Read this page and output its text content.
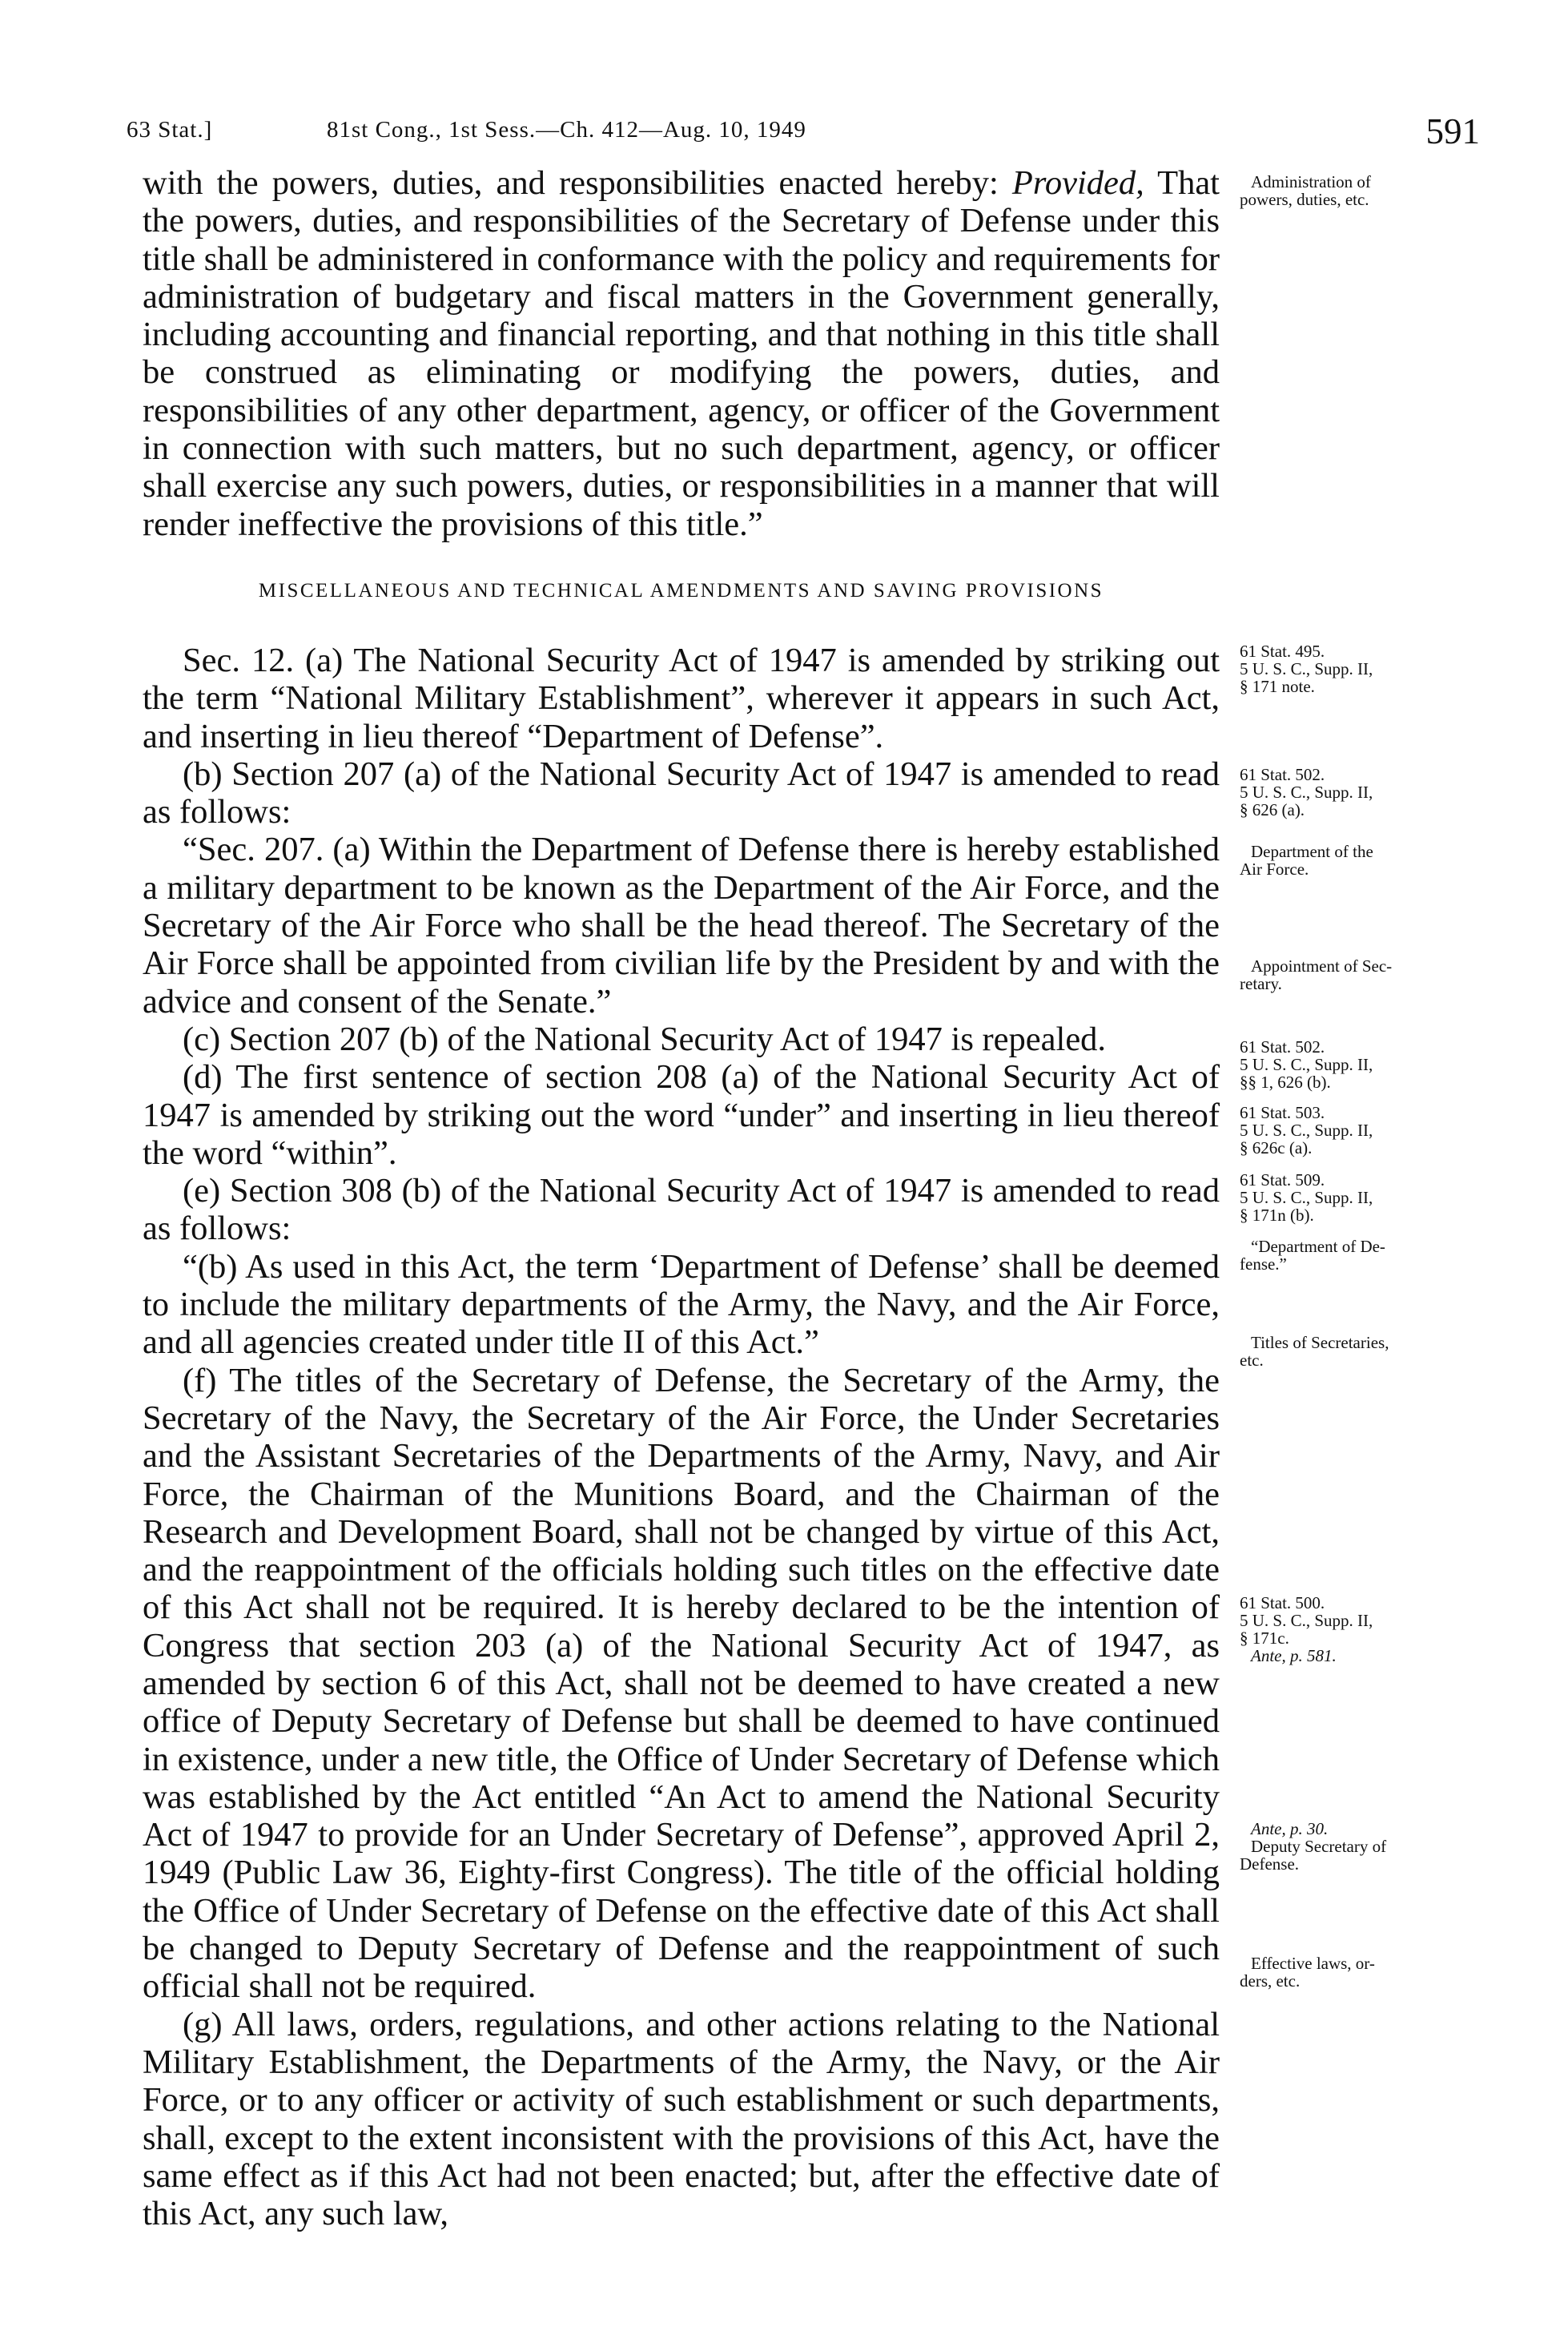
63 Stat.]	81st Cong., 1st Sess.—Ch. 412—Aug. 10, 1949	591

with the powers, duties, and responsibilities enacted hereby: Provided, That the powers, duties, and responsibilities of the Secretary of Defense under this title shall be administered in conformance with the policy and requirements for administration of budgetary and fiscal matters in the Government generally, including accounting and financial reporting, and that nothing in this title shall be construed as eliminating or modifying the powers, duties, and responsibilities of any other department, agency, or officer of the Government in connection with such matters, but no such department, agency, or officer shall exercise any such powers, duties, or responsibilities in a manner that will render ineffective the provisions of this title.”

MISCELLANEOUS AND TECHNICAL AMENDMENTS AND SAVING PROVISIONS

Sec. 12. (a) The National Security Act of 1947 is amended by striking out the term “National Military Establishment”, wherever it appears in such Act, and inserting in lieu thereof “Department of Defense”.

(b) Section 207 (a) of the National Security Act of 1947 is amended to read as follows:

“Sec. 207. (a) Within the Department of Defense there is hereby established a military department to be known as the Department of the Air Force, and the Secretary of the Air Force who shall be the head thereof. The Secretary of the Air Force shall be appointed from civilian life by the President by and with the advice and consent of the Senate.”

(c) Section 207 (b) of the National Security Act of 1947 is repealed.

(d) The first sentence of section 208 (a) of the National Security Act of 1947 is amended by striking out the word “under” and inserting in lieu thereof the word “within”.

(e) Section 308 (b) of the National Security Act of 1947 is amended to read as follows:

“(b) As used in this Act, the term ‘Department of Defense’ shall be deemed to include the military departments of the Army, the Navy, and the Air Force, and all agencies created under title II of this Act.”

(f) The titles of the Secretary of Defense, the Secretary of the Army, the Secretary of the Navy, the Secretary of the Air Force, the Under Secretaries and the Assistant Secretaries of the Departments of the Army, Navy, and Air Force, the Chairman of the Munitions Board, and the Chairman of the Research and Development Board, shall not be changed by virtue of this Act, and the reappointment of the officials holding such titles on the effective date of this Act shall not be required. It is hereby declared to be the intention of Congress that section 203 (a) of the National Security Act of 1947, as amended by section 6 of this Act, shall not be deemed to have created a new office of Deputy Secretary of Defense but shall be deemed to have continued in existence, under a new title, the Office of Under Secretary of Defense which was established by the Act entitled “An Act to amend the National Security Act of 1947 to provide for an Under Secretary of Defense”, approved April 2, 1949 (Public Law 36, Eighty-first Congress). The title of the official holding the Office of Under Secretary of Defense on the effective date of this Act shall be changed to Deputy Secretary of Defense and the reappointment of such official shall not be required.

(g) All laws, orders, regulations, and other actions relating to the National Military Establishment, the Departments of the Army, the Navy, or the Air Force, or to any officer or activity of such establishment or such departments, shall, except to the extent inconsistent with the provisions of this Act, have the same effect as if this Act had not been enacted; but, after the effective date of this Act, any such law,

Administration of
powers, duties, etc.
61 Stat. 495.
5 U. S. C., Supp. II,
§ 171 note.
61 Stat. 502.
5 U. S. C., Supp. II,
§ 626 (a).
Department of the
Air Force.
Appointment of Sec-
retary.
61 Stat. 502.
5 U. S. C., Supp. II,
§§ 1, 626 (b).
61 Stat. 503.
5 U. S. C., Supp. II,
§ 626c (a).
61 Stat. 509.
5 U. S. C., Supp. II,
§ 171n (b).
“Department of De-
fense.”
Titles of Secretaries,
etc.
61 Stat. 500.
5 U. S. C., Supp. II,
§ 171c.
Ante, p. 581.
Ante, p. 30.
Deputy Secretary of
Defense.
Effective laws, or-
ders, etc.
